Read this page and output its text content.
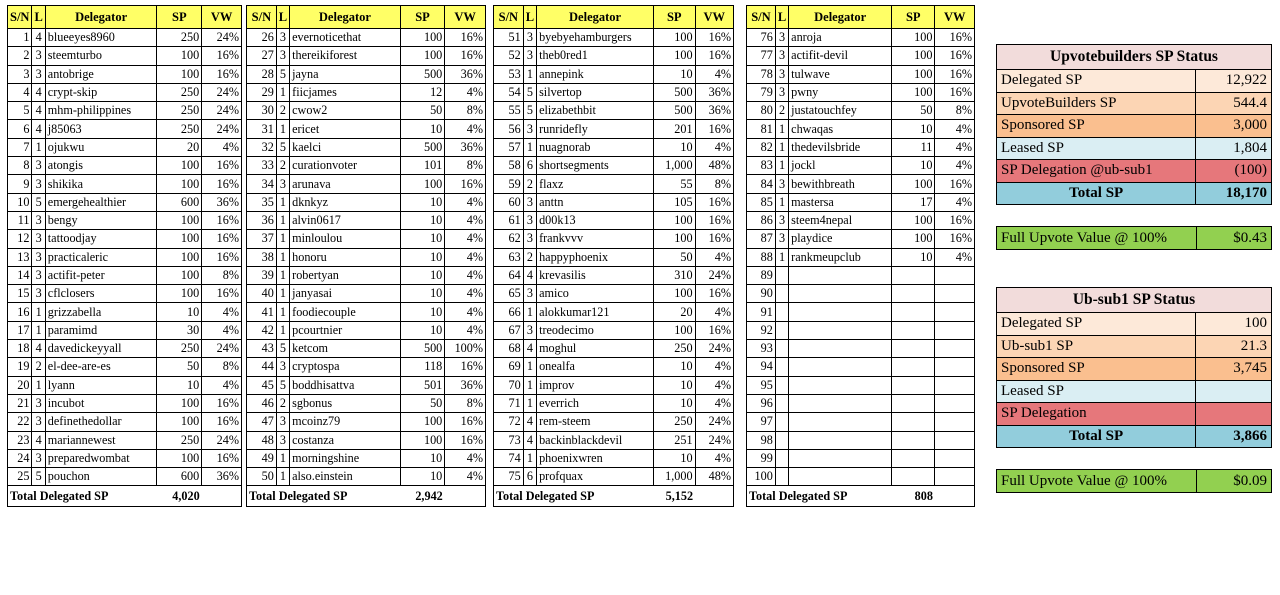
S/N	L	Delegator	SP	VW
1	4	blueeyes8960	250	24%
2	3	steemturbo	100	16%
3	3	antobrige	100	16%
4	4	crypt-skip	250	24%
5	4	mhm-philippines	250	24%
6	4	j85063	250	24%
7	1	ojukwu	20	4%
8	3	atongis	100	16%
9	3	shikika	100	16%
10	5	emergehealthier	600	36%
11	3	bengy	100	16%
12	3	tattoodjay	100	16%
13	3	practicaleric	100	16%
14	3	actifit-peter	100	8%
15	3	cflclosers	100	16%
16	1	grizzabella	10	4%
17	1	paramimd	30	4%
18	4	davedickeyyall	250	24%
19	2	el-dee-are-es	50	8%
20	1	lyann	10	4%
21	3	incubot	100	16%
22	3	definethedollar	100	16%
23	4	mariannewest	250	24%
24	3	preparedwombat	100	16%
25	5	pouchon	600	36%
Total Delegated SP			4,020	
S/N	L	Delegator	SP	VW
26	3	evernoticethat	100	16%
27	3	thereikiforest	100	16%
28	5	jayna	500	36%
29	1	fiicjames	12	4%
30	2	cwow2	50	8%
31	1	ericet	10	4%
32	5	kaelci	500	36%
33	2	curationvoter	101	8%
34	3	arunava	100	16%
35	1	dknkyz	10	4%
36	1	alvin0617	10	4%
37	1	minloulou	10	4%
38	1	honoru	10	4%
39	1	robertyan	10	4%
40	1	janyasai	10	4%
41	1	foodiecouple	10	4%
42	1	pcourtnier	10	4%
43	5	ketcom	500	100%
44	3	cryptospa	118	16%
45	5	boddhisattva	501	36%
46	2	sgbonus	50	8%
47	3	mcoinz79	100	16%
48	3	costanza	100	16%
49	1	morningshine	10	4%
50	1	also.einstein	10	4%
Total Delegated SP			2,942	
S/N	L	Delegator	SP	VW
51	3	byebyehamburgers	100	16%
52	3	theb0red1	100	16%
53	1	annepink	10	4%
54	5	silvertop	500	36%
55	5	elizabethbit	500	36%
56	3	runridefly	201	16%
57	1	nuagnorab	10	4%
58	6	shortsegments	1,000	48%
59	2	flaxz	55	8%
60	3	anttn	105	16%
61	3	d00k13	100	16%
62	3	frankvvv	100	16%
63	2	happyphoenix	50	4%
64	4	krevasilis	310	24%
65	3	amico	100	16%
66	1	alokkumar121	20	4%
67	3	treodecimo	100	16%
68	4	moghul	250	24%
69	1	onealfa	10	4%
70	1	improv	10	4%
71	1	everrich	10	4%
72	4	rem-steem	250	24%
73	4	backinblackdevil	251	24%
74	1	phoenixwren	10	4%
75	6	profquax	1,000	48%
Total Delegated SP			5,152	
S/N	L	Delegator	SP	VW
76	3	anroja	100	16%
77	3	actifit-devil	100	16%
78	3	tulwave	100	16%
79	3	pwny	100	16%
80	2	justatouchfey	50	8%
81	1	chwaqas	10	4%
82	1	thedevilsbride	11	4%
83	1	jockl	10	4%
84	3	bewithbreath	100	16%
85	1	mastersa	17	4%
86	3	steem4nepal	100	16%
87	3	playdice	100	16%
88	1	rankmeupclub	10	4%
89				
90				
91				
92				
93				
94				
95				
96				
97				
98				
99				
100				
Total Delegated SP			808	
Upvotebuilders SP Status	
Delegated SP	12,922
UpvoteBuilders SP	544.4
Sponsored SP	3,000
Leased SP	1,804
SP Delegation @ub-sub1	(100)
Total SP	18,170
Full Upvote Value @ 100%	$0.43
Ub-sub1 SP Status	
Delegated SP	100
Ub-sub1 SP	21.3
Sponsored SP	3,745
Leased SP	
SP Delegation	
Total SP	3,866
Full Upvote Value @ 100%	$0.09
